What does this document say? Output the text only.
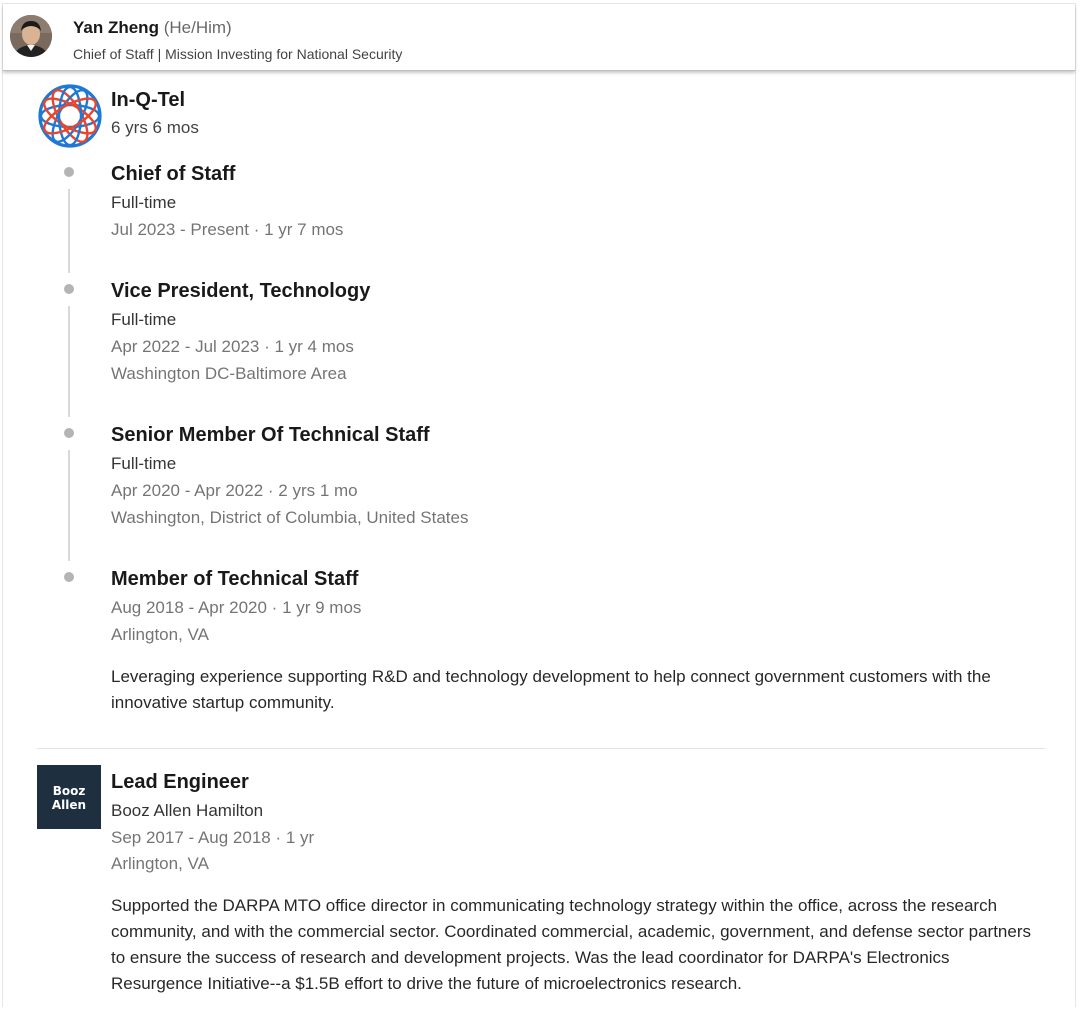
Yan Zheng (He/Him)
Chief of Staff | Mission Investing for National Security
In-Q-Tel
6 yrs 6 mos
Chief of Staff
Full-time
Jul 2023 - Present · 1 yr 7 mos
Vice President, Technology
Full-time
Apr 2022 - Jul 2023 · 1 yr 4 mos
Washington DC-Baltimore Area
Senior Member Of Technical Staff
Full-time
Apr 2020 - Apr 2022 · 2 yrs 1 mo
Washington, District of Columbia, United States
Member of Technical Staff
Aug 2018 - Apr 2020 · 1 yr 9 mos
Arlington, VA
Leveraging experience supporting R&D and technology development to help connect government customers with the innovative startup community.
Booz
Allen
Lead Engineer
Booz Allen Hamilton
Sep 2017 - Aug 2018 · 1 yr
Arlington, VA
Supported the DARPA MTO office director in communicating technology strategy within the office, across the research community, and with the commercial sector. Coordinated commercial, academic, government, and defense sector partners to ensure the success of research and development projects. Was the lead coordinator for DARPA's Electronics Resurgence Initiative--a $1.5B effort to drive the future of microelectronics research.
